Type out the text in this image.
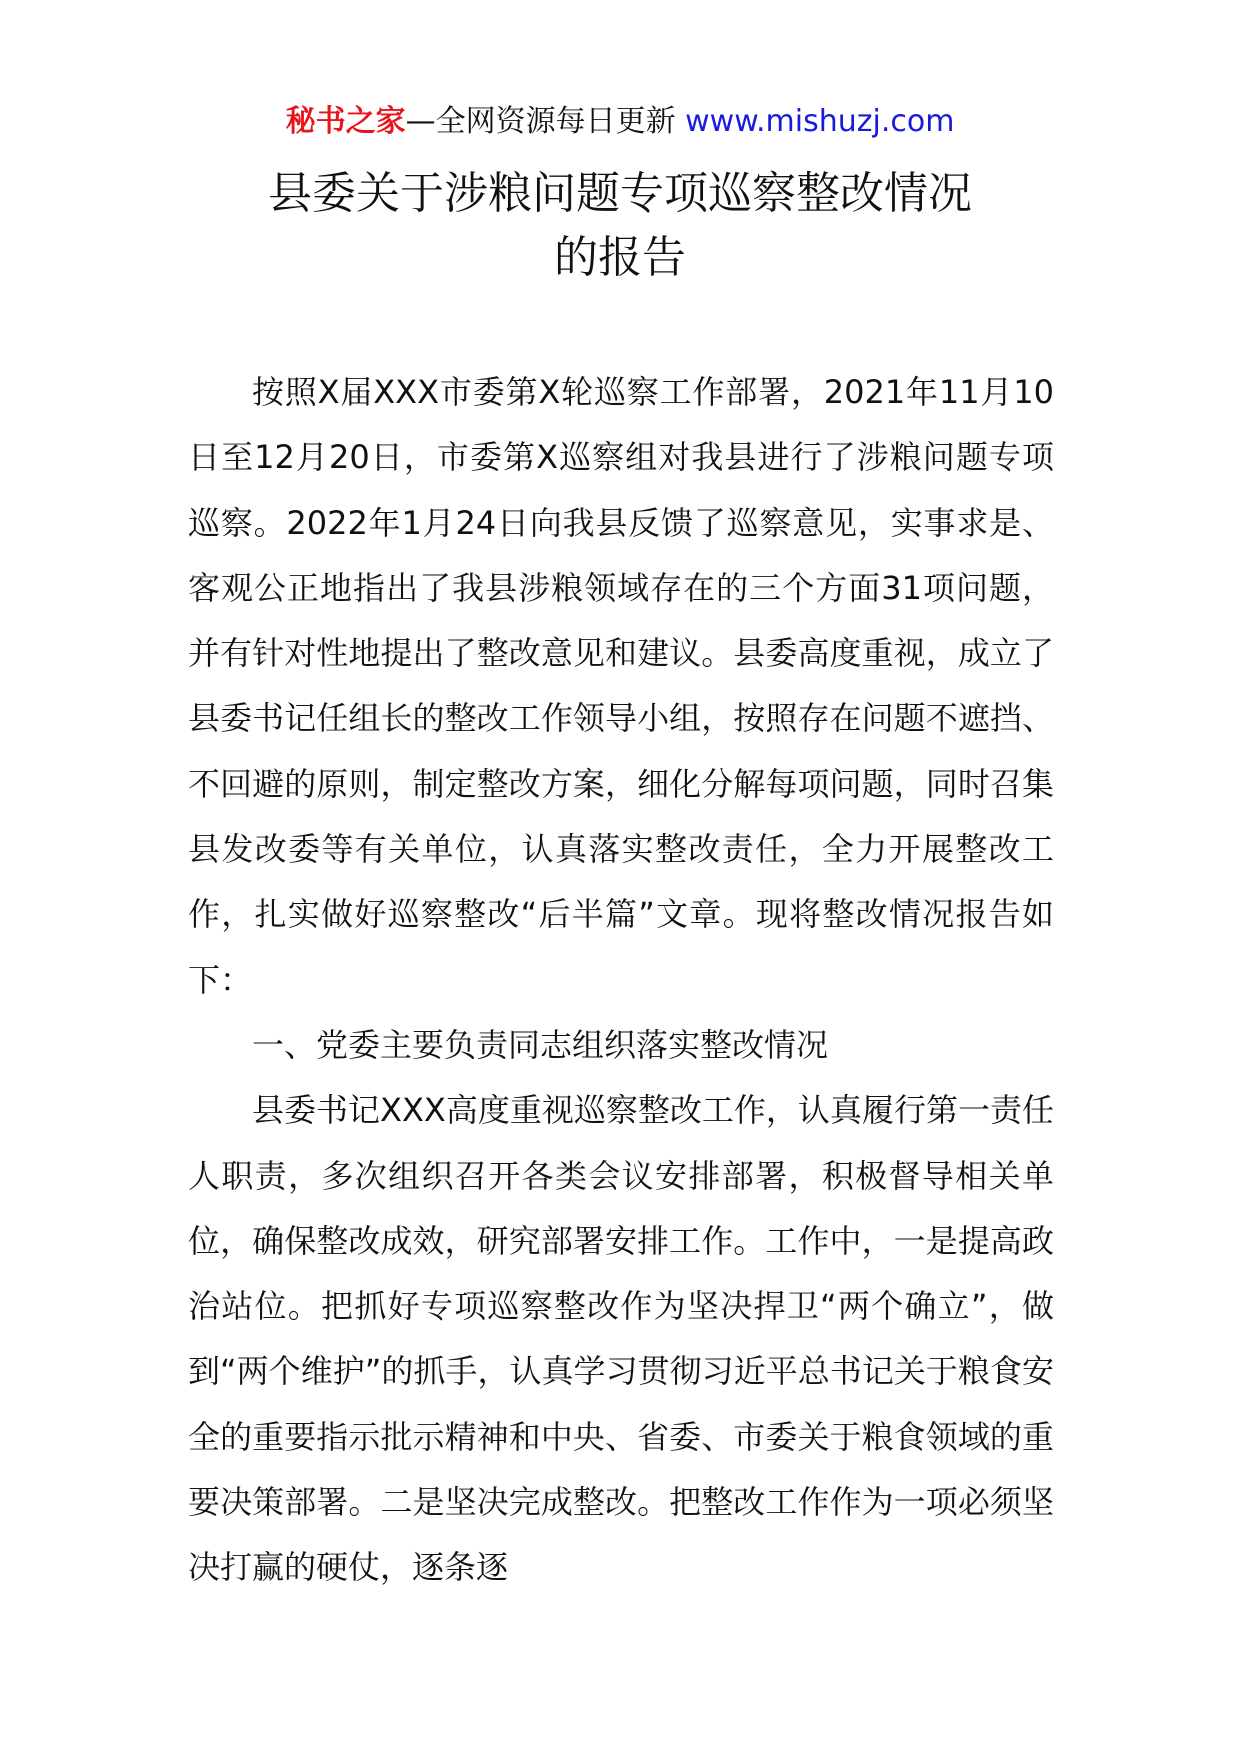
秘书之家—全网资源每日更新 www.mishuzj.com
县委关于涉粮问题专项巡察整改情况
的报告

按照X届XXX市委第X轮巡察工作部署，2021年11月10日至12月20日，市委第X巡察组对我县进行了涉粮问题专项巡察。2022年1月24日向我县反馈了巡察意见，实事求是、客观公正地指出了我县涉粮领域存在的三个方面31项问题，并有针对性地提出了整改意见和建议。县委高度重视，成立了县委书记任组长的整改工作领导小组，按照存在问题不遮挡、不回避的原则，制定整改方案，细化分解每项问题，同时召集县发改委等有关单位，认真落实整改责任，全力开展整改工作，扎实做好巡察整改“后半篇”文章。现将整改情况报告如下：

一、党委主要负责同志组织落实整改情况

县委书记XXX高度重视巡察整改工作，认真履行第一责任人职责，多次组织召开各类会议安排部署，积极督导相关单位，确保整改成效，研究部署安排工作。工作中，一是提高政治站位。把抓好专项巡察整改作为坚决捍卫“两个确立”，做到“两个维护”的抓手，认真学习贯彻习近平总书记关于粮食安全的重要指示批示精神和中央、省委、市委关于粮食领域的重要决策部署。二是坚决完成整改。把整改工作作为一项必须坚决打赢的硬仗，逐条逐
